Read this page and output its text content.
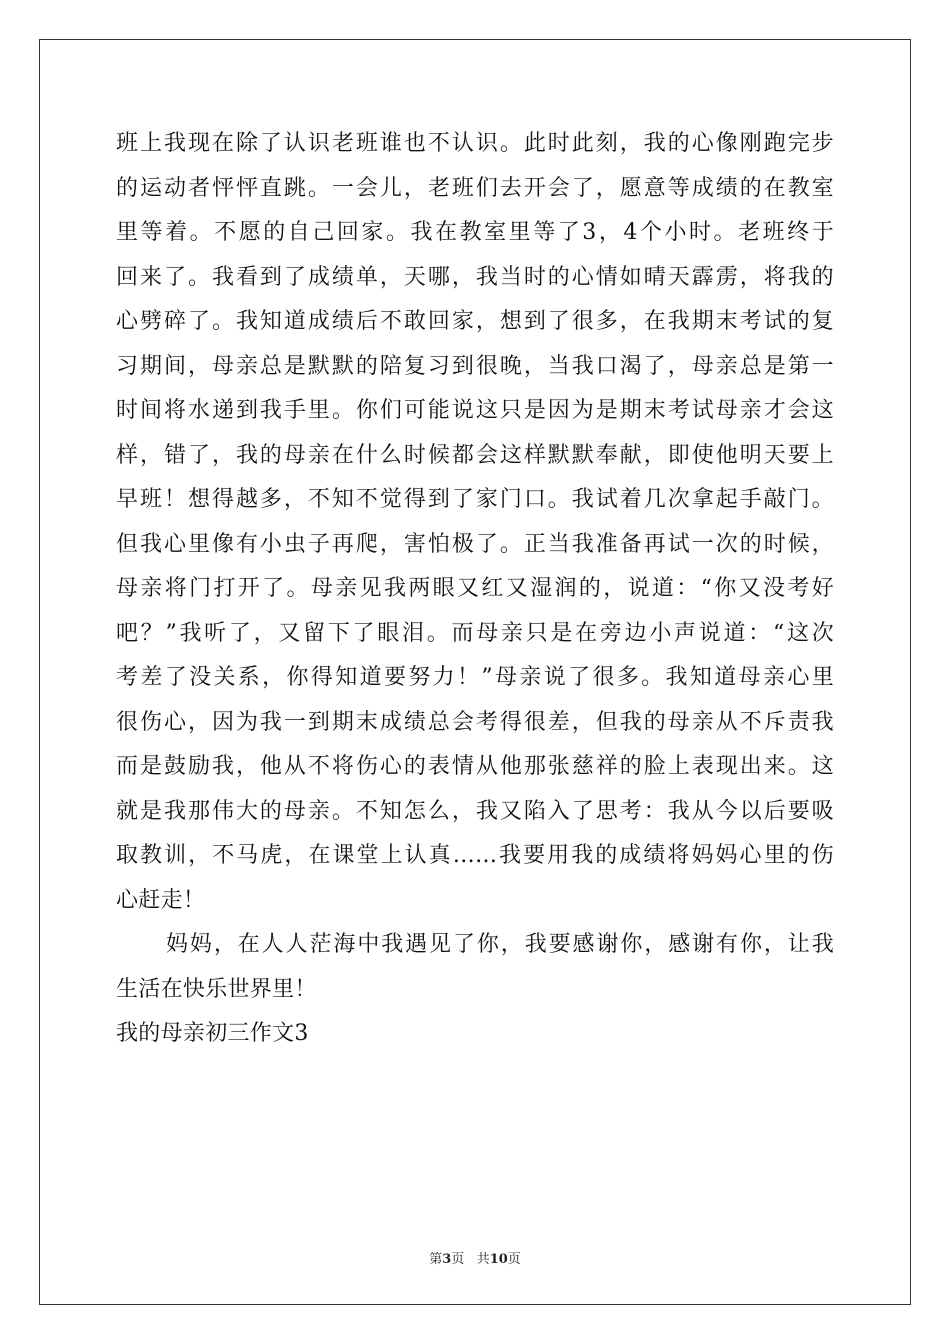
班上我现在除了认识老班谁也不认识。此时此刻，我的心像刚跑完步
的运动者怦怦直跳。一会儿，老班们去开会了，愿意等成绩的在教室
里等着。不愿的自己回家。我在教室里等了3，4个小时。老班终于
回来了。我看到了成绩单，天哪，我当时的心情如晴天霹雳，将我的
心劈碎了。我知道成绩后不敢回家，想到了很多，在我期末考试的复
习期间，母亲总是默默的陪复习到很晚，当我口渴了，母亲总是第一
时间将水递到我手里。你们可能说这只是因为是期末考试母亲才会这
样，错了，我的母亲在什么时候都会这样默默奉献，即使他明天要上
早班！想得越多，不知不觉得到了家门口。我试着几次拿起手敲门。
但我心里像有小虫子再爬，害怕极了。正当我准备再试一次的时候，
母亲将门打开了。母亲见我两眼又红又湿润的，说道：“你又没考好
吧？”我听了，又留下了眼泪。而母亲只是在旁边小声说道：“这次
考差了没关系，你得知道要努力！”母亲说了很多。我知道母亲心里
很伤心，因为我一到期末成绩总会考得很差，但我的母亲从不斥责我
而是鼓励我，他从不将伤心的表情从他那张慈祥的脸上表现出来。这
就是我那伟大的母亲。不知怎么，我又陷入了思考：我从今以后要吸
取教训，不马虎，在课堂上认真……我要用我的成绩将妈妈心里的伤
心赶走！
妈妈，在人人茫海中我遇见了你，我要感谢你，感谢有你，让我
生活在快乐世界里！
我的母亲初三作文3
第3页 共10页
